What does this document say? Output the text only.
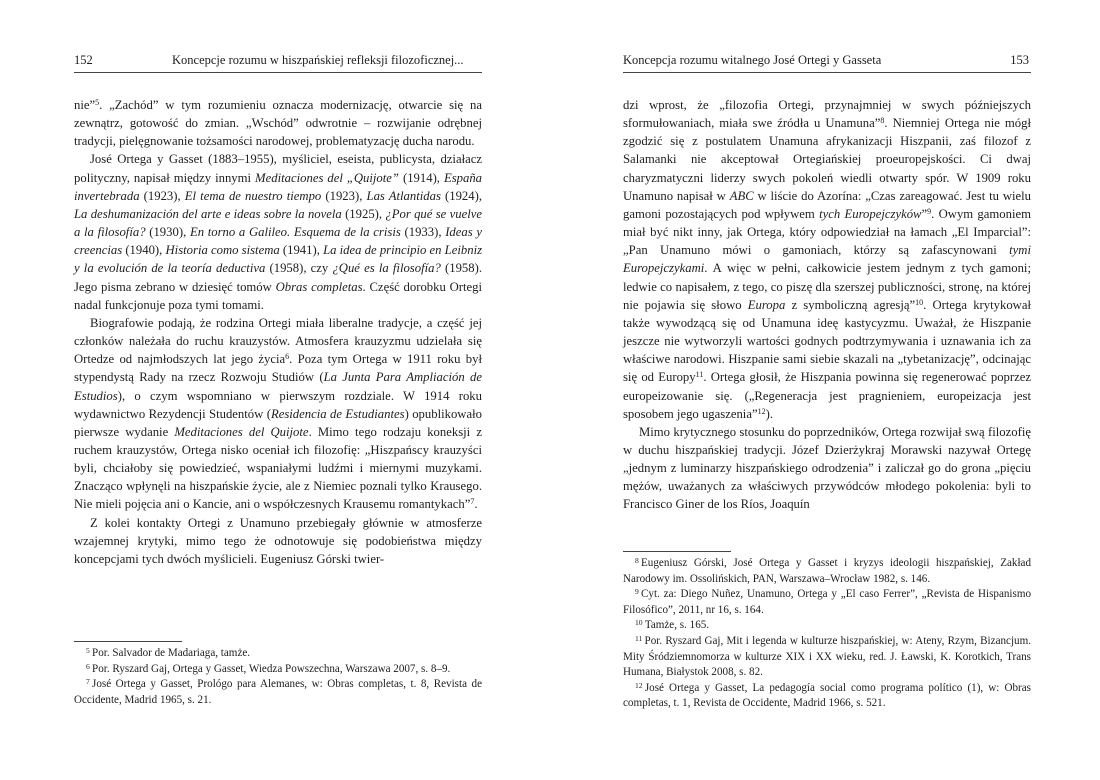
152	Koncepcje rozumu w hiszpańskiej refleksji filozoficznej...

nie”$^5$. „Zachód” w tym rozumieniu oznacza modernizację, otwarcie się na zewnątrz, gotowość do zmian. „Wschód” odwrotnie – rozwijanie odrębnej tradycji, pielęgnowanie tożsamości narodowej, problematyzację ducha narodu.

José Ortega y Gasset (1883–1955), myśliciel, eseista, publicysta, działacz polityczny, napisał między innymi Meditaciones del „Quijote” (1914), España invertebrada (1923), El tema de nuestro tiempo (1923), Las Atlantidas (1924), La deshumanización del arte e ideas sobre la novela (1925), ¿Por qué se vuelve a la filosofía? (1930), En torno a Galileo. Esquema de la crisis (1933), Ideas y creencias (1940), Historia como sistema (1941), La idea de principio en Leibniz y la evolución de la teoría deductiva (1958), czy ¿Qué es la filosofía? (1958). Jego pisma zebrano w dziesięć tomów Obras completas. Część dorobku Ortegi nadal funkcjonuje poza tymi tomami.

Biografowie podają, że rodzina Ortegi miała liberalne tradycje, a część jej członków należała do ruchu krauzystów. Atmosfera krauzyzmu udzielała się Ortedze od najmłodszych lat jego życia$^6$. Poza tym Ortega w 1911 roku był stypendystą Rady na rzecz Rozwoju Studiów (La Junta Para Ampliación de Estudios), o czym wspomniano w pierwszym rozdziale. W 1914 roku wydawnictwo Rezydencji Studentów (Residencia de Estudiantes) opublikowało pierwsze wydanie Meditaciones del Quijote. Mimo tego rodzaju koneksji z ruchem krauzystów, Ortega nisko oceniał ich filozofię: „Hiszpańscy krauzyści byli, chciałoby się powiedzieć, wspaniałymi ludźmi i miernymi muzykami. Znacząco wpłynęli na hiszpańskie życie, ale z Niemiec poznali tylko Krausego. Nie mieli pojęcia ani o Kancie, ani o współczesnych Krausemu romantykach”$^7$.

Z kolei kontakty Ortegi z Unamuno przebiegały głównie w atmosferze wzajemnej krytyki, mimo tego że odnotowuje się podobieństwa między koncepcjami tych dwóch myślicieli. Eugeniusz Górski twier-

$^5$  Por. Salvador de Madariaga, tamże.

$^6$  Por. Ryszard Gaj, Ortega y Gasset, Wiedza Powszechna, Warszawa 2007, s. 8–9.

$^7$  José Ortega y Gasset, Prológo para Alemanes, w: Obras completas, t. 8, Revista de Occidente, Madrid 1965, s. 21.

Koncepcja rozumu witalnego José Ortegi y Gasseta	153

dzi wprost, że „filozofia Ortegi, przynajmniej w swych późniejszych sformułowaniach, miała swe źródła u Unamuna”$^8$. Niemniej Ortega nie mógł zgodzić się z postulatem Unamuna afrykanizacji Hiszpanii, zaś filozof z Salamanki nie akceptował Ortegiańskiej proeuropejskości. Ci dwaj charyzmatyczni liderzy swych pokoleń wiedli otwarty spór. W 1909 roku Unamuno napisał w ABC w liście do Azorína: „Czas zareagować. Jest tu wielu gamoni pozostających pod wpływem tych Europejczyków”$^9$. Owym gamoniem miał być nikt inny, jak Ortega, który odpowiedział na łamach „El Imparcial”: „Pan Unamuno mówi o gamoniach, którzy są zafascynowani tymi Europejczykami. A więc w pełni, całkowicie jestem jednym z tych gamoni; ledwie co napisałem, z tego, co piszę dla szerszej publiczności, stronę, na której nie pojawia się słowo Europa z symboliczną agresją”$^{10}$. Ortega krytykował także wywodzącą się od Unamuna ideę kastycyzmu. Uważał, że Hiszpanie jeszcze nie wytworzyli wartości godnych podtrzymywania i uznawania ich za właściwe narodowi. Hiszpanie sami siebie skazali na „tybetanizację”, odcinając się od Europy$^{11}$. Ortega głosił, że Hiszpania powinna się regenerować poprzez europeizowanie się. („Regeneracja jest pragnieniem, europeizacja jest sposobem jego ugaszenia”$^{12}$).

Mimo krytycznego stosunku do poprzedników, Ortega rozwijał swą filozofię w duchu hiszpańskiej tradycji. Józef Dzierżykraj Morawski nazywał Ortegę „jednym z luminarzy hiszpańskiego odrodzenia” i zaliczał go do grona „pięciu mężów, uważanych za właściwych przywódców młodego pokolenia: byli to Francisco Giner de los Ríos, Joaquín

$^8$  Eugeniusz Górski, José Ortega y Gasset i kryzys ideologii hiszpańskiej, Zakład Narodowy im. Ossolińskich, PAN, Warszawa–Wrocław 1982, s. 146.

$^9$  Cyt. za: Diego Nuñez, Unamuno, Ortega y „El caso Ferrer”, „Revista de Hispanismo Filosófico”, 2011, nr 16, s. 164.

$^{10}$  Tamże, s. 165.

$^{11}$  Por. Ryszard Gaj, Mit i legenda w kulturze hiszpańskiej, w: Ateny, Rzym, Bizancjum. Mity Śródziemnomorza w kulturze XIX i XX wieku, red. J. Ławski, K. Korotkich, Trans Humana, Białystok 2008, s. 82.

$^{12}$  José Ortega y Gasset, La pedagogía social como programa político (1), w: Obras completas, t. 1, Revista de Occidente, Madrid 1966, s. 521.
